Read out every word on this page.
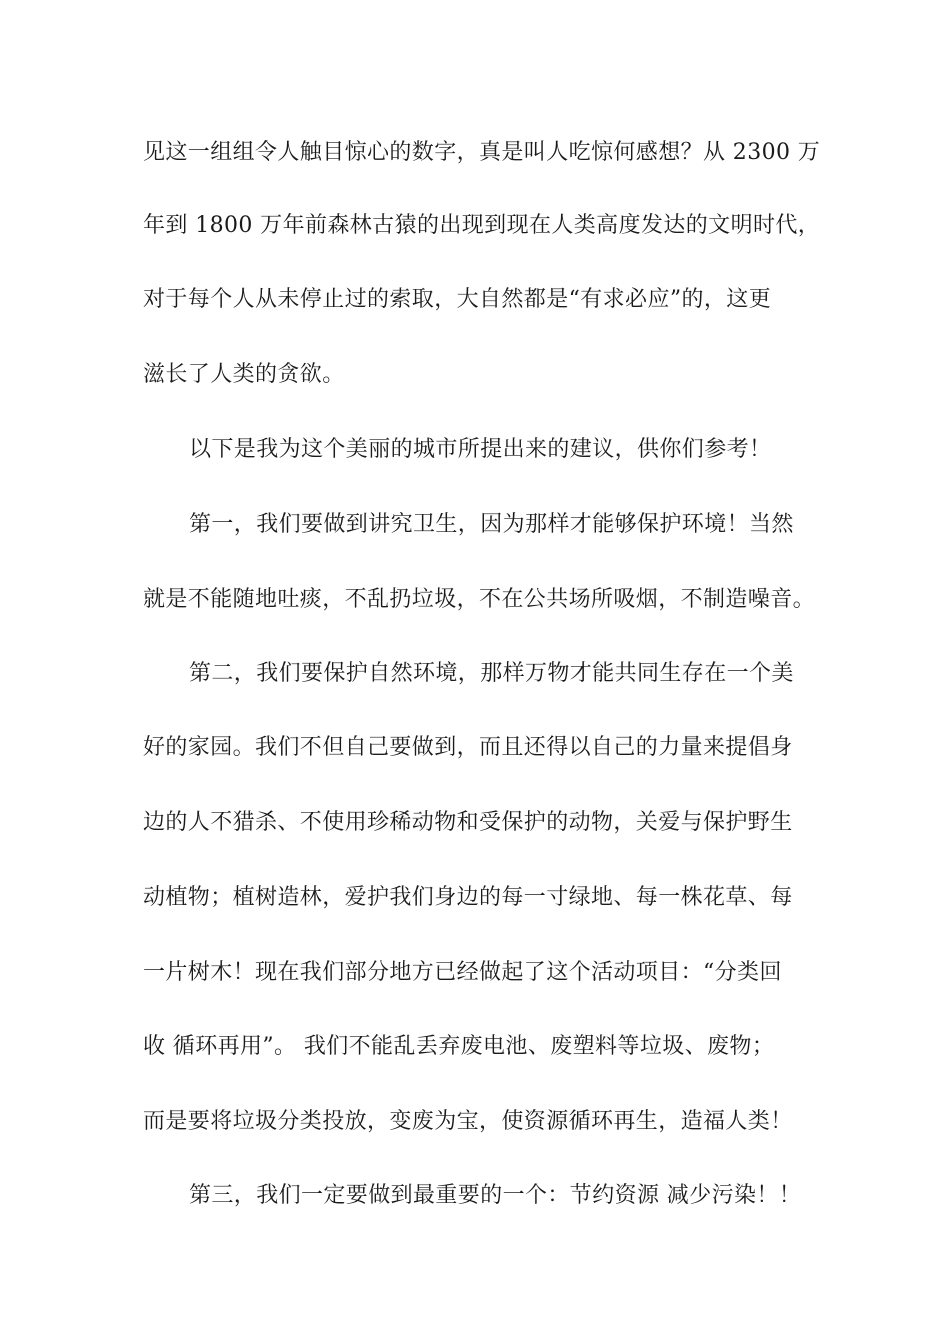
见这一组组令人触目惊心的数字，真是叫人吃惊何感想？从 2300 万
年到 1800 万年前森林古猿的出现到现在人类高度发达的文明时代，
对于每个人从未停止过的索取，大自然都是“有求必应”的，这更
滋长了人类的贪欲。
以下是我为这个美丽的城市所提出来的建议，供你们参考！
第一，我们要做到讲究卫生，因为那样才能够保护环境！当然
就是不能随地吐痰，不乱扔垃圾，不在公共场所吸烟，不制造噪音。
第二，我们要保护自然环境，那样万物才能共同生存在一个美
好的家园。我们不但自己要做到，而且还得以自己的力量来提倡身
边的人不猎杀、不使用珍稀动物和受保护的动物，关爱与保护野生
动植物；植树造林，爱护我们身边的每一寸绿地、每一株花草、每
一片树木！现在我们部分地方已经做起了这个活动项目：“分类回
收 循环再用”。 我们不能乱丢弃废电池、废塑料等垃圾、废物；
而是要将垃圾分类投放，变废为宝，使资源循环再生，造福人类！
第三，我们一定要做到最重要的一个：节约资源 减少污染！！
